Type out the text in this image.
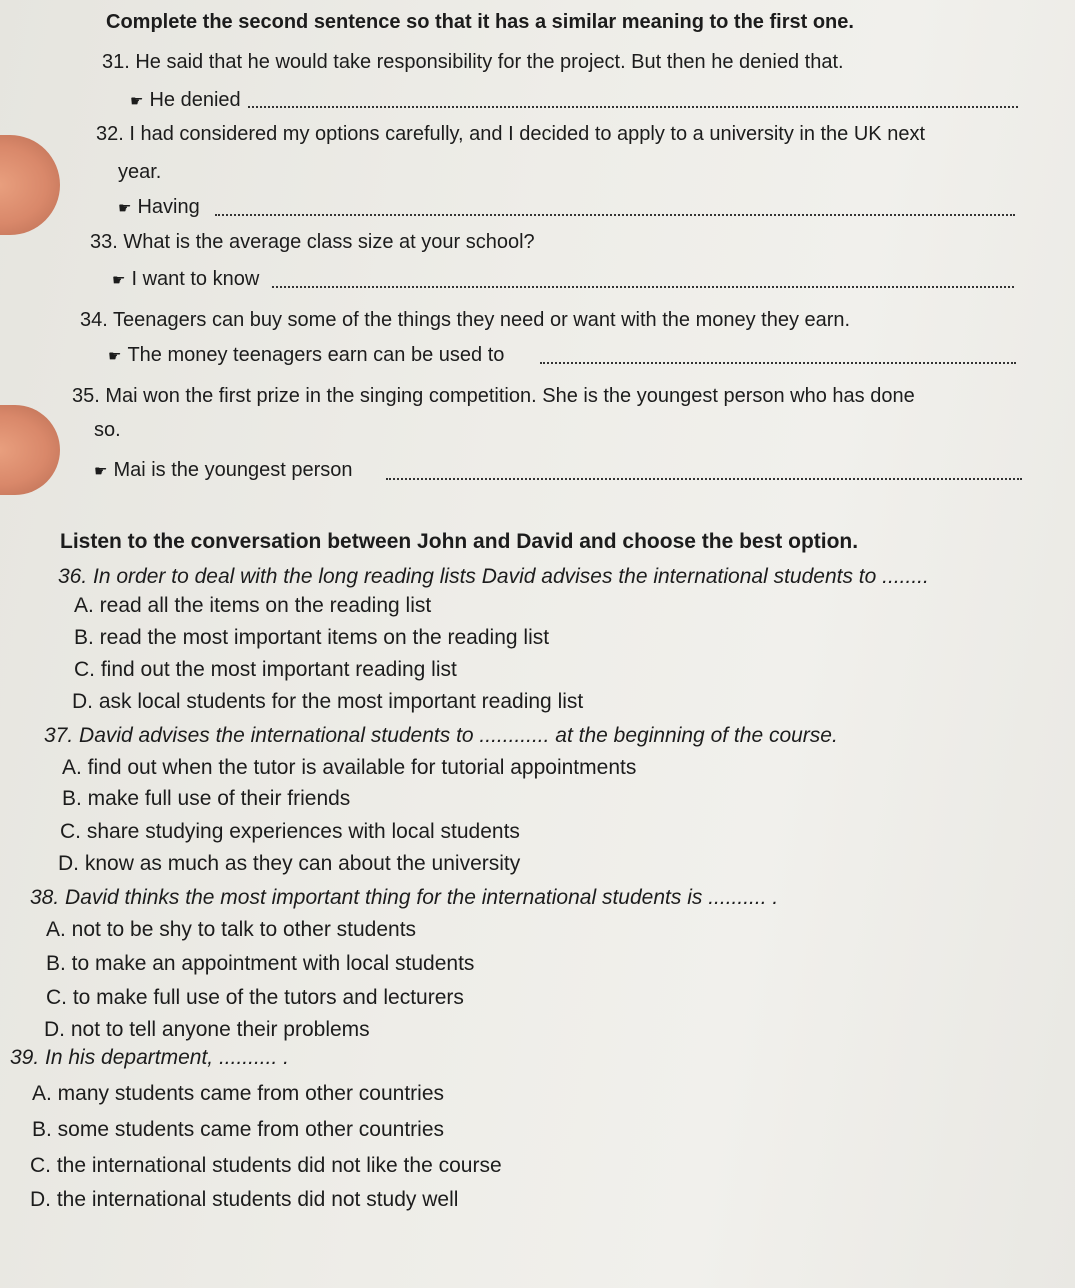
Complete the second sentence so that it has a similar meaning to the first one.
31. He said that he would take responsibility for the project. But then he denied that.
☛ He denied
32. I had considered my options carefully, and I decided to apply to a university in the UK next
year.
☛ Having
33. What is the average class size at your school?
☛ I want to know
34. Teenagers can buy some of the things they need or want with the money they earn.
☛ The money teenagers earn can be used to
35. Mai won the first prize in the singing competition. She is the youngest person who has done
so.
☛ Mai is the youngest person
Listen to the conversation between John and David and choose the best option.
36. In order to deal with the long reading lists David advises the international students to ........
A. read all the items on the reading list
B. read the most important items on the reading list
C. find out the most important reading list
D. ask local students for the most important reading list
37. David advises the international students to ............ at the beginning of the course.
A. find out when the tutor is available for tutorial appointments
B. make full use of their friends
C. share studying experiences with local students
D. know as much as they can about the university
38. David thinks the most important thing for the international students is .......... .
A. not to be shy to talk to other students
B. to make an appointment with local students
C. to make full use of the tutors and lecturers
D. not to tell anyone their problems
39. In his department, .......... .
A. many students came from other countries
B. some students came from other countries
C. the international students did not like the course
D. the international students did not study well
